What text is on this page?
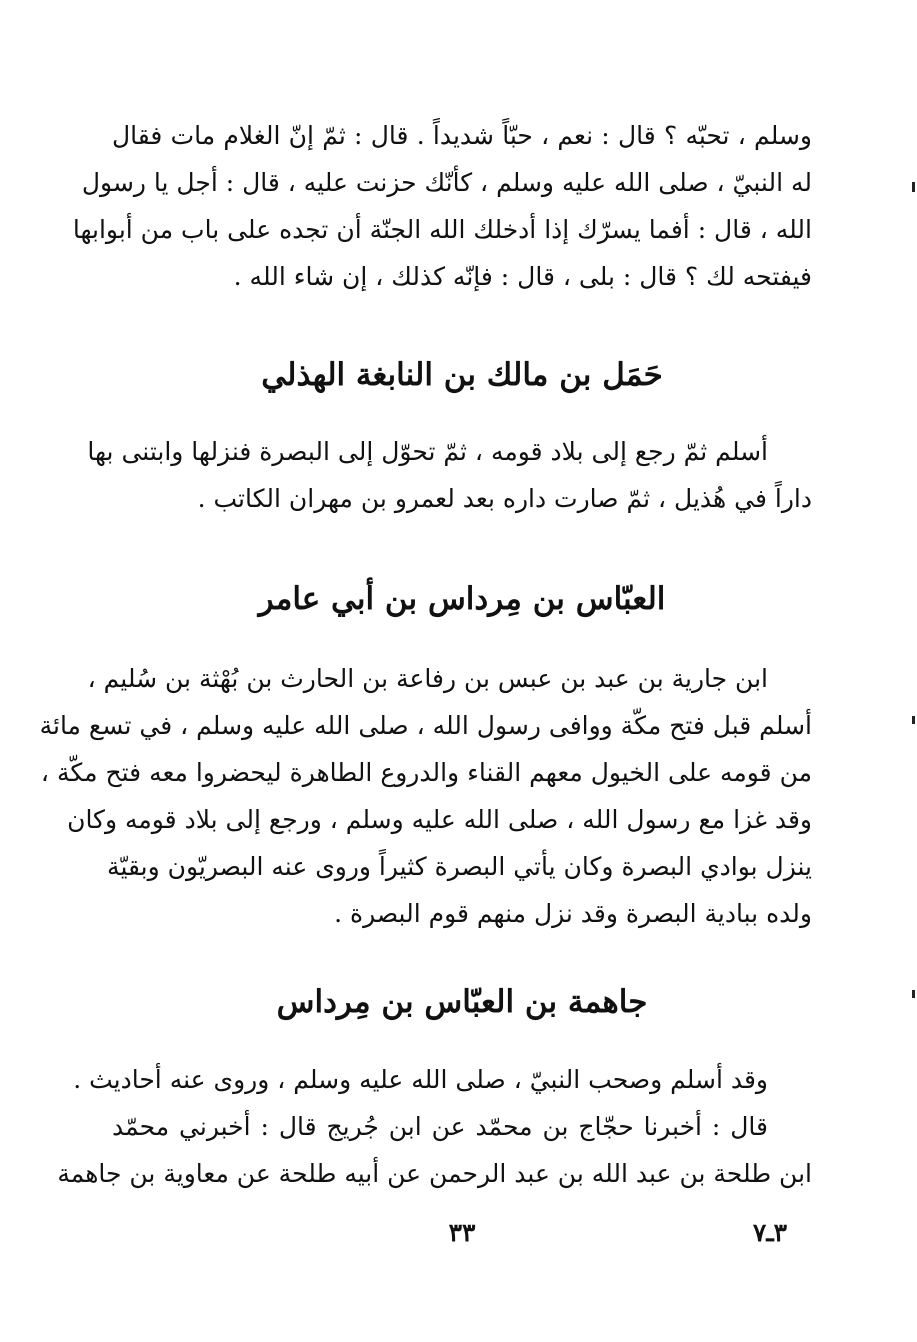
وسلم ، تحبّه ؟ قال : نعم ، حبّاً شديداً . قال : ثمّ إنّ الغلام مات فقال
له النبيّ ، صلى الله عليه وسلم ، كأنّك حزنت عليه ، قال : أجل يا رسول
الله ، قال : أفما يسرّك إذا أدخلك الله الجنّة أن تجده على باب من أبوابها
فيفتحه لك ؟ قال : بلى ، قال : فإنّه كذلك ، إن شاء الله .
حَمَل بن مالك بن النابغة الهذلي
أسلم ثمّ رجع إلى بلاد قومه ، ثمّ تحوّل إلى البصرة فنزلها وابتنى بها
داراً في هُذيل ، ثمّ صارت داره بعد لعمرو بن مهران الكاتب .
العبّاس بن مِرداس بن أبي عامر
ابن جارية بن عبد بن عبس بن رفاعة بن الحارث بن بُهْثة بن سُليم ،
أسلم قبل فتح مكّة ووافى رسول الله ، صلى الله عليه وسلم ، في تسع مائة
من قومه على الخيول معهم القناء والدروع الطاهرة ليحضروا معه فتح مكّة ،
وقد غزا مع رسول الله ، صلى الله عليه وسلم ، ورجع إلى بلاد قومه وكان
ينزل بوادي البصرة وكان يأتي البصرة كثيراً وروى عنه البصريّون وبقيّة
ولده ببادية البصرة وقد نزل منهم قوم البصرة .
جاهمة بن العبّاس بن مِرداس
وقد أسلم وصحب النبيّ ، صلى الله عليه وسلم ، وروى عنه أحاديث .
قال : أخبرنا حجّاج بن محمّد عن ابن جُريج قال : أخبرني محمّد
ابن طلحة بن عبد الله بن عبد الرحمن عن أبيه طلحة عن معاوية بن جاهمة
٣٣	٣ـ٧
